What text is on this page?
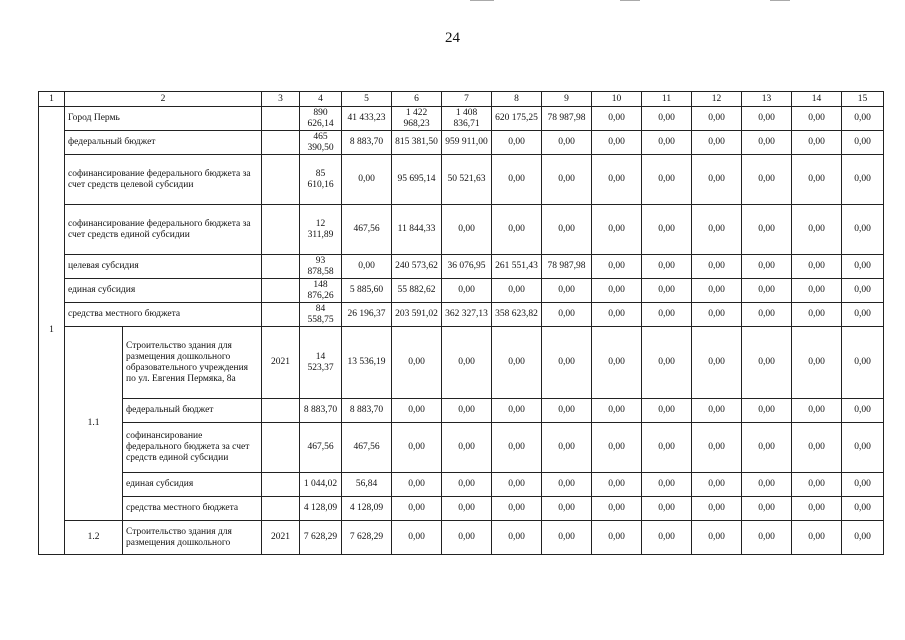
24
1	2		3	4	5	6	7	8	9	10	11	12	13	14	15
1	Город Пермь			890 626,14	41 433,23	1 422 968,23	1 408 836,71	620 175,25	78 987,98	0,00	0,00	0,00	0,00	0,00	0,00
	федеральный бюджет			465 390,50	8 883,70	815 381,50	959 911,00	0,00	0,00	0,00	0,00	0,00	0,00	0,00	0,00
	софинансирование федерального бюджета за счет средств целевой субсидии			85 610,16	0,00	95 695,14	50 521,63	0,00	0,00	0,00	0,00	0,00	0,00	0,00	0,00
	софинансирование федерального бюджета за счет средств единой субсидии			12 311,89	467,56	11 844,33	0,00	0,00	0,00	0,00	0,00	0,00	0,00	0,00	0,00
	целевая субсидия			93 878,58	0,00	240 573,62	36 076,95	261 551,43	78 987,98	0,00	0,00	0,00	0,00	0,00	0,00
	единая субсидия			148 876,26	5 885,60	55 882,62	0,00	0,00	0,00	0,00	0,00	0,00	0,00	0,00	0,00
	средства местного бюджета			84 558,75	26 196,37	203 591,02	362 327,13	358 623,82	0,00	0,00	0,00	0,00	0,00	0,00	0,00
	1.1	Строительство здания для размещения дошкольного образовательного учреждения по ул. Евгения Пермяка, 8а	2021	14 523,37	13 536,19	0,00	0,00	0,00	0,00	0,00	0,00	0,00	0,00	0,00	0,00
		федеральный бюджет		8 883,70	8 883,70	0,00	0,00	0,00	0,00	0,00	0,00	0,00	0,00	0,00	0,00
		софинансирование федерального бюджета за счет средств единой субсидии		467,56	467,56	0,00	0,00	0,00	0,00	0,00	0,00	0,00	0,00	0,00	0,00
		единая субсидия		1 044,02	56,84	0,00	0,00	0,00	0,00	0,00	0,00	0,00	0,00	0,00	0,00
		средства местного бюджета		4 128,09	4 128,09	0,00	0,00	0,00	0,00	0,00	0,00	0,00	0,00	0,00	0,00
	1.2	Строительство здания для размещения дошкольного	2021	7 628,29	7 628,29	0,00	0,00	0,00	0,00	0,00	0,00	0,00	0,00	0,00	0,00
